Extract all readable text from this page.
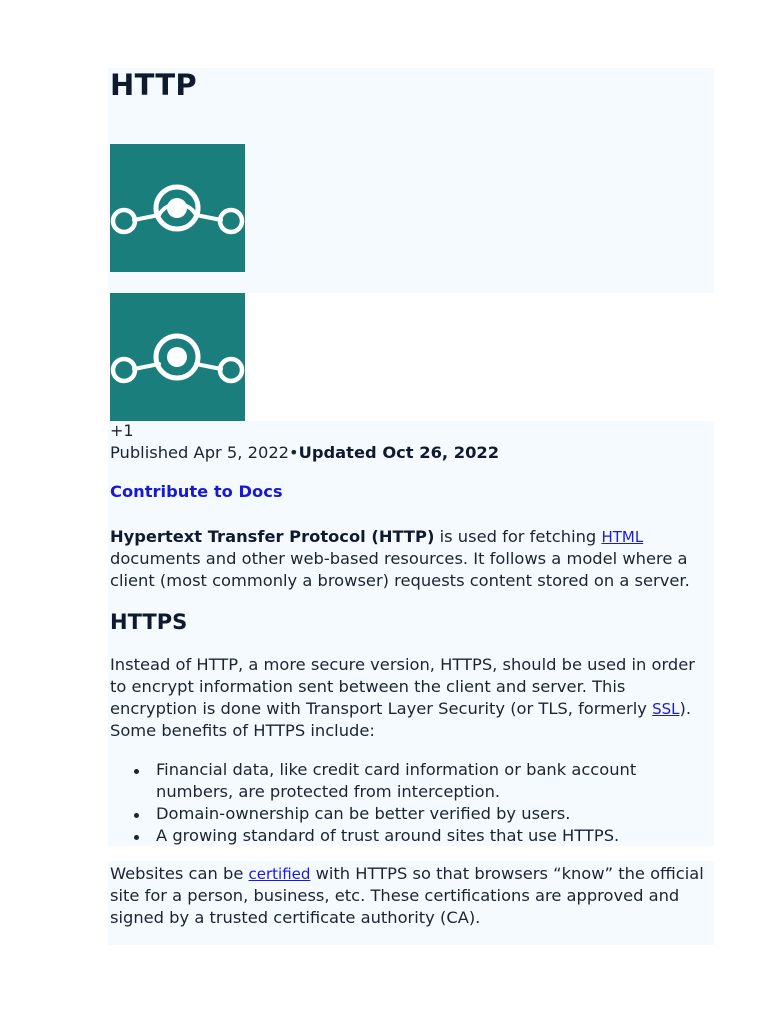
HTTP
+1
Published Apr 5, 2022•Updated Oct 26, 2022
Contribute to Docs

Hypertext Transfer Protocol (HTTP) is used for fetching HTML documents and other web-based resources. It follows a model where a client (most commonly a browser) requests content stored on a server.

HTTPS

Instead of HTTP, a more secure version, HTTPS, should be used in order to encrypt information sent between the client and server. This encryption is done with Transport Layer Security (or TLS, formerly SSL). Some benefits of HTTPS include:

Financial data, like credit card information or bank account numbers, are protected from interception.
Domain-ownership can be better verified by users.
A growing standard of trust around sites that use HTTPS.

Websites can be certified with HTTPS so that browsers “know” the official site for a person, business, etc. These certifications are approved and signed by a trusted certificate authority (CA).
